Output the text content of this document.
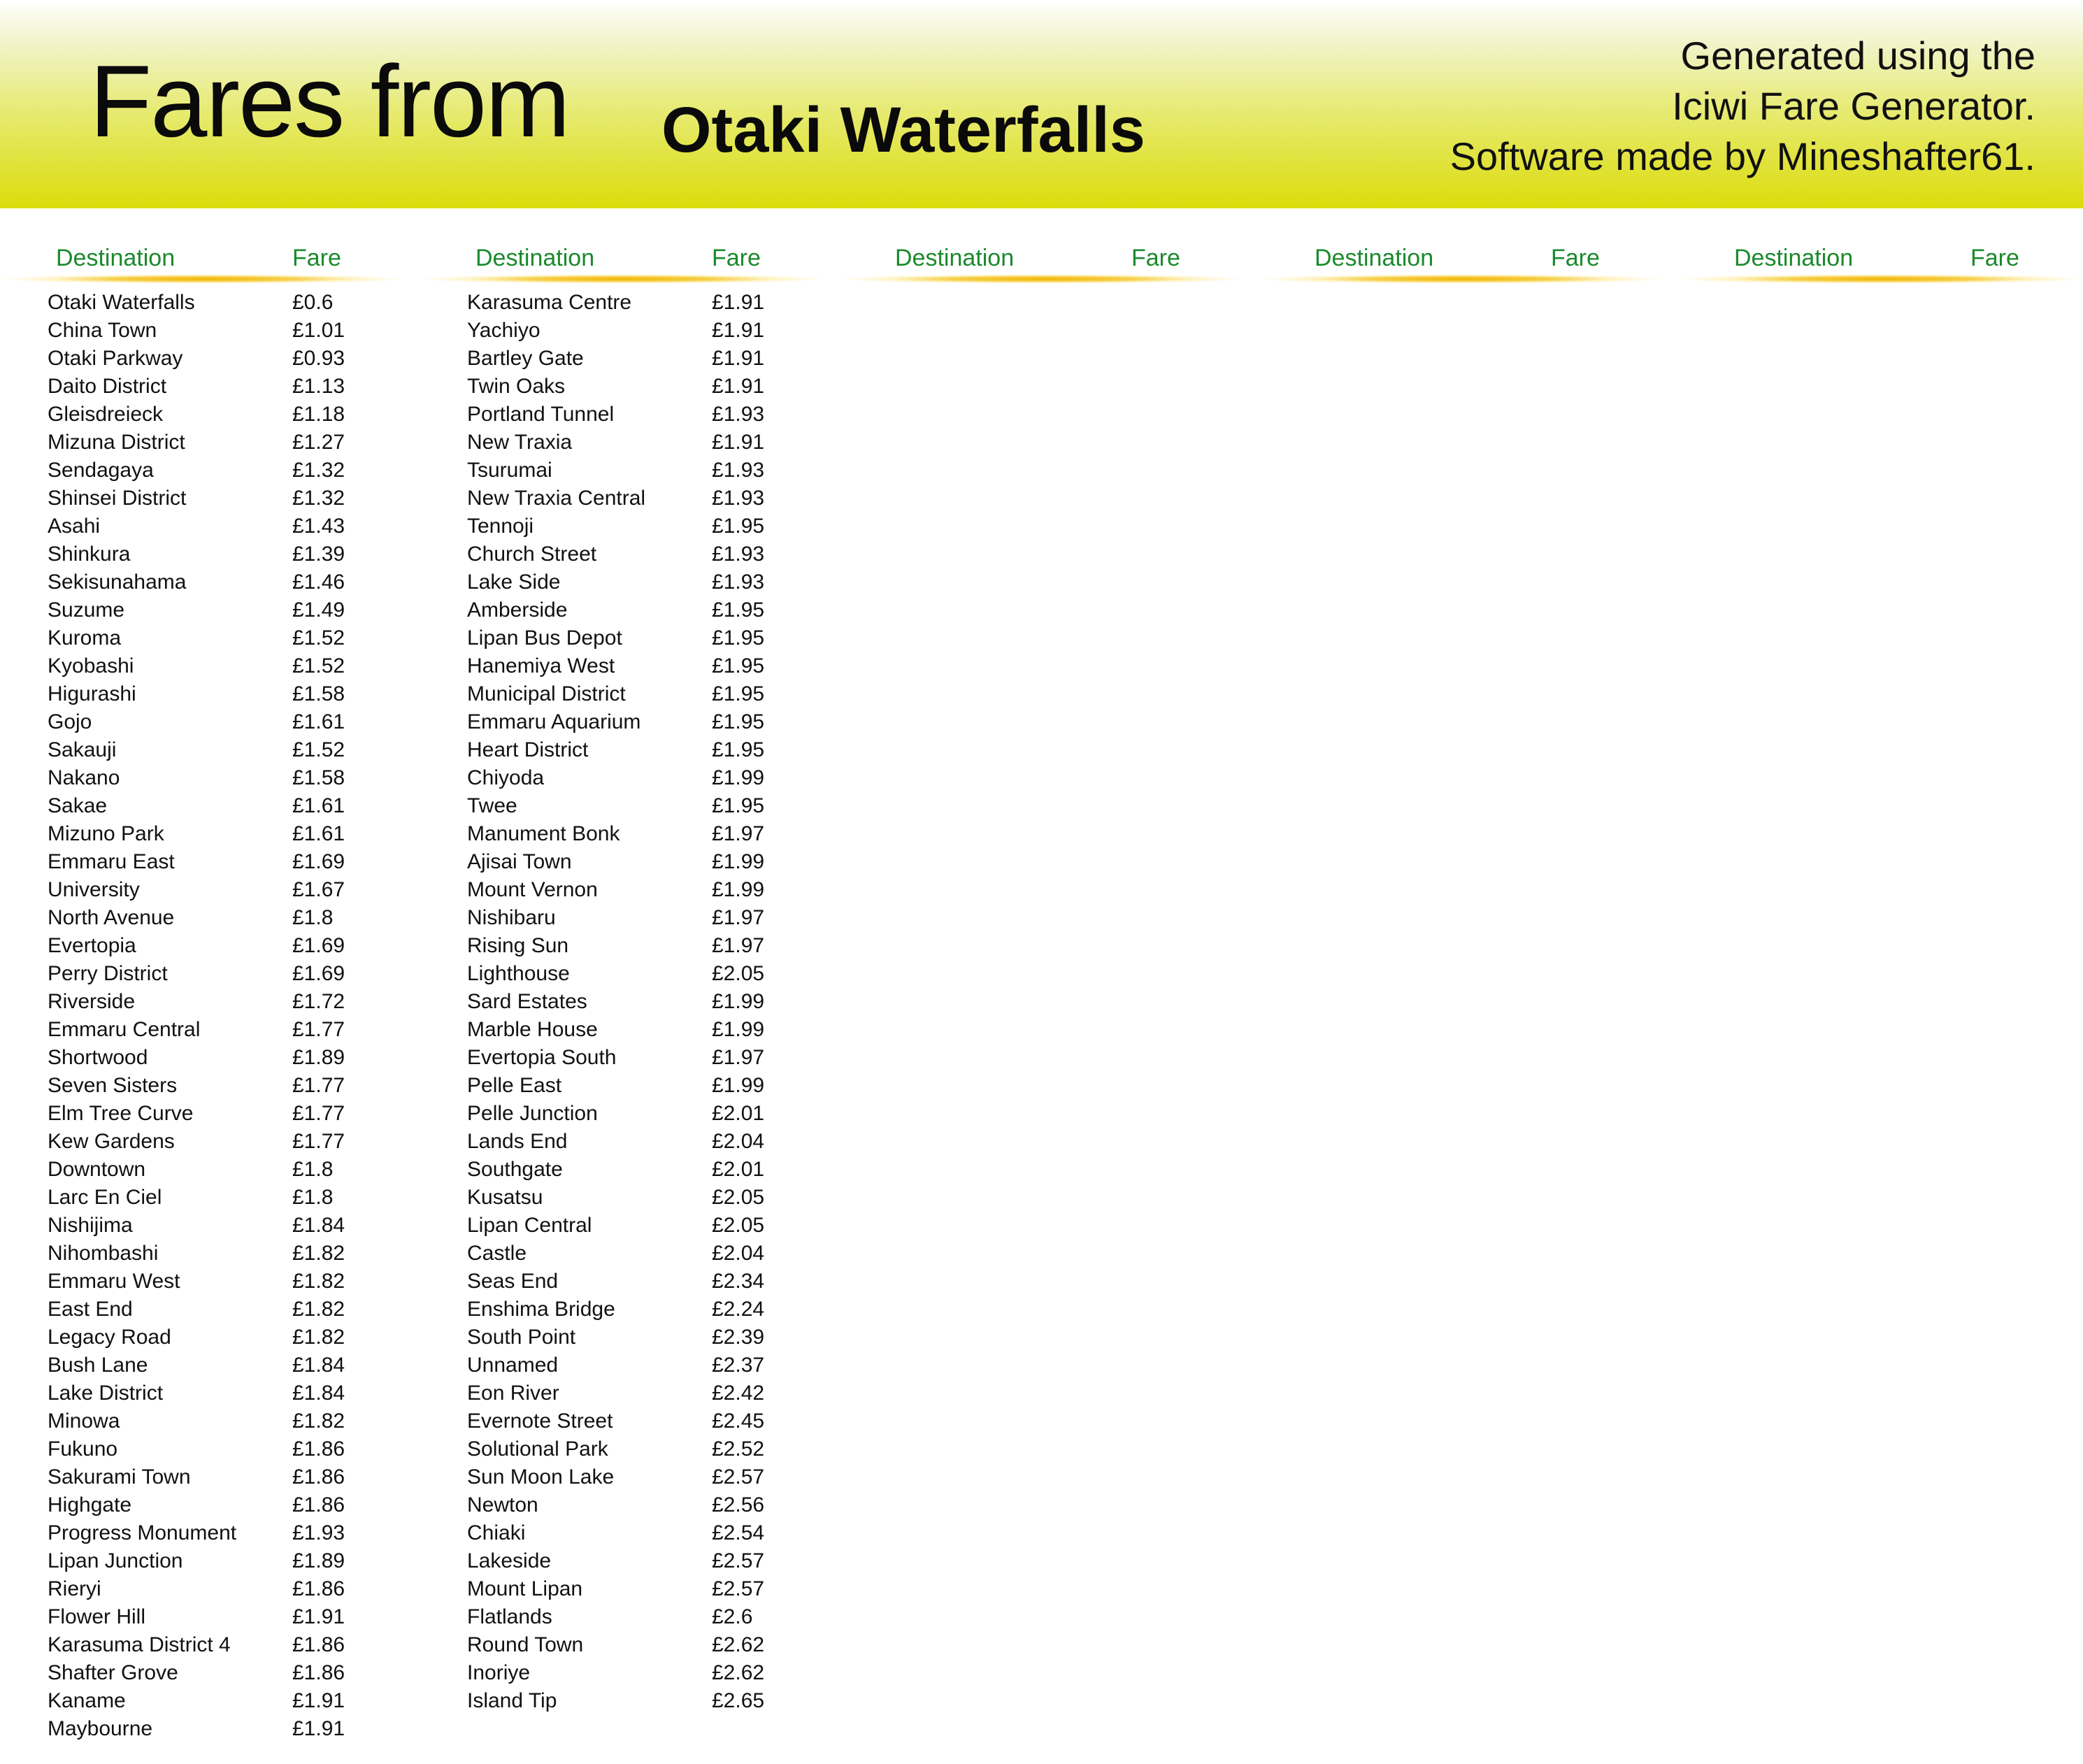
Fares from Otaki Waterfalls
Generated using the
Iciwi Fare Generator.
Software made by Mineshafter61.
Destination	Fare
Otaki Waterfalls	£0.6
China Town	£1.01
Otaki Parkway	£0.93
Daito District	£1.13
Gleisdreieck	£1.18
Mizuna District	£1.27
Sendagaya	£1.32
Shinsei District	£1.32
Asahi	£1.43
Shinkura	£1.39
Sekisunahama	£1.46
Suzume	£1.49
Kuroma	£1.52
Kyobashi	£1.52
Higurashi	£1.58
Gojo	£1.61
Sakauji	£1.52
Nakano	£1.58
Sakae	£1.61
Mizuno Park	£1.61
Emmaru East	£1.69
University	£1.67
North Avenue	£1.8
Evertopia	£1.69
Perry District	£1.69
Riverside	£1.72
Emmaru Central	£1.77
Shortwood	£1.89
Seven Sisters	£1.77
Elm Tree Curve	£1.77
Kew Gardens	£1.77
Downtown	£1.8
Larc En Ciel	£1.8
Nishijima	£1.84
Nihombashi	£1.82
Emmaru West	£1.82
East End	£1.82
Legacy Road	£1.82
Bush Lane	£1.84
Lake District	£1.84
Minowa	£1.82
Fukuno	£1.86
Sakurami Town	£1.86
Highgate	£1.86
Progress Monument	£1.93
Lipan Junction	£1.89
Rieryi	£1.86
Flower Hill	£1.91
Karasuma District 4	£1.86
Shafter Grove	£1.86
Kaname	£1.91
Maybourne	£1.91
Destination	Fare
Karasuma Centre	£1.91
Yachiyo	£1.91
Bartley Gate	£1.91
Twin Oaks	£1.91
Portland Tunnel	£1.93
New Traxia	£1.91
Tsurumai	£1.93
New Traxia Central	£1.93
Tennoji	£1.95
Church Street	£1.93
Lake Side	£1.93
Amberside	£1.95
Lipan Bus Depot	£1.95
Hanemiya West	£1.95
Municipal District	£1.95
Emmaru Aquarium	£1.95
Heart District	£1.95
Chiyoda	£1.99
Twee	£1.95
Manument Bonk	£1.97
Ajisai Town	£1.99
Mount Vernon	£1.99
Nishibaru	£1.97
Rising Sun	£1.97
Lighthouse	£2.05
Sard Estates	£1.99
Marble House	£1.99
Evertopia South	£1.97
Pelle East	£1.99
Pelle Junction	£2.01
Lands End	£2.04
Southgate	£2.01
Kusatsu	£2.05
Lipan Central	£2.05
Castle	£2.04
Seas End	£2.34
Enshima Bridge	£2.24
South Point	£2.39
Unnamed	£2.37
Eon River	£2.42
Evernote Street	£2.45
Solutional Park	£2.52
Sun Moon Lake	£2.57
Newton	£2.56
Chiaki	£2.54
Lakeside	£2.57
Mount Lipan	£2.57
Flatlands	£2.6
Round Town	£2.62
Inoriye	£2.62
Island Tip	£2.65
Destination	Fare	Destination	Fare	Destination	Fare
